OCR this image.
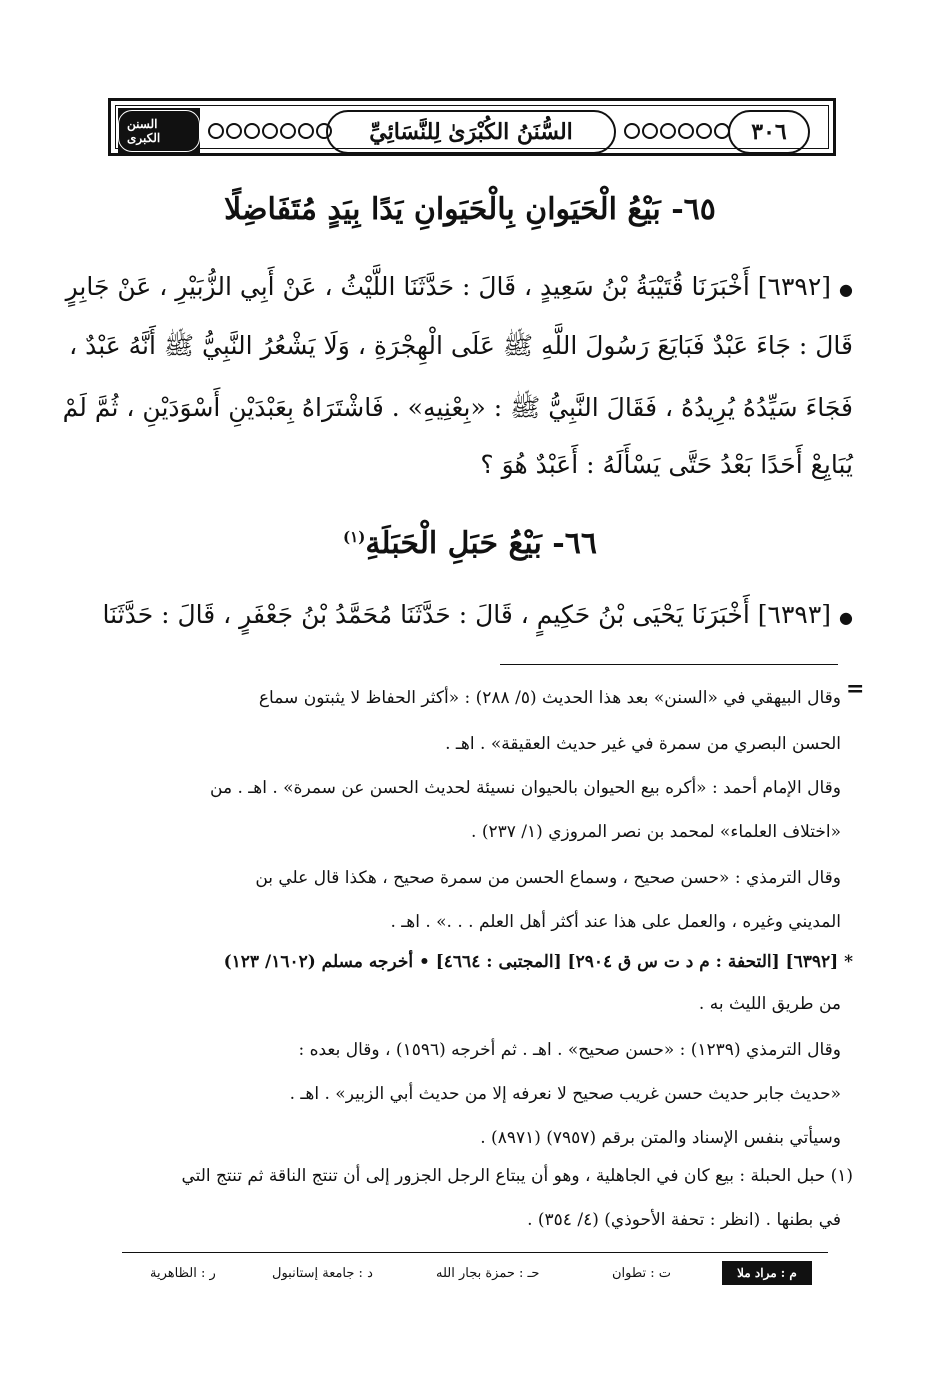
السنن الكبرى	السُّنَنُ الكُبْرَىٰ لِلنَّسَائِيِّ	٣٠٦
٦٥- بَيْعُ الْحَيَوانِ بِالْحَيَوانِ يَدًا بِيَدٍ مُتَفَاضِلًا
●[٦٣٩٢] أَخْبَرَنَا قُتَيْبَةُ بْنُ سَعِيدٍ ، قَالَ : حَدَّثَنَا اللَّيْثُ ، عَنْ أَبِي الزُّبَيْرِ ، عَنْ جَابِرٍ
قَالَ : جَاءَ عَبْدٌ فَبَايَعَ رَسُولَ اللَّهِ ﷺ عَلَى الْهِجْرَةِ ، وَلَا يَشْعُرُ النَّبِيُّ ﷺ أَنَّهُ عَبْدٌ ،
فَجَاءَ سَيِّدُهُ يُرِيدُهُ ، فَقَالَ النَّبِيُّ ﷺ : «بِعْنِيهِ» . فَاشْتَرَاهُ بِعَبْدَيْنِ أَسْوَدَيْنِ ، ثُمَّ لَمْ
يُبَايِعْ أَحَدًا بَعْدُ حَتَّى يَسْأَلَهُ : أَعَبْدٌ هُوَ ؟
٦٦- بَيْعُ حَبَلِ الْحَبَلَةِ$^{(١)}$
●[٦٣٩٣] أَخْبَرَنَا يَحْيَى بْنُ حَكِيمٍ ، قَالَ : حَدَّثَنَا مُحَمَّدُ بْنُ جَعْفَرٍ ، قَالَ : حَدَّثَنَا
=
وقال البيهقي في «السنن» بعد هذا الحديث (٥/ ٢٨٨) : «أكثر الحفاظ لا يثبتون سماع
الحسن البصري من سمرة في غير حديث العقيقة» . اهـ .
وقال الإمام أحمد : «أكره بيع الحيوان بالحيوان نسيئة لحديث الحسن عن سمرة» . اهـ . من
«اختلاف العلماء» لمحمد بن نصر المروزي (١/ ٢٣٧) .
وقال الترمذي : «حسن صحيح ، وسماع الحسن من سمرة صحيح ، هكذا قال علي بن
المديني وغيره ، والعمل على هذا عند أكثر أهل العلم . . .» . اهـ .
* [٦٣٩٢] [التحفة : م د ت س ق ٢٩٠٤] [المجتبى : ٤٦٦٤] • أخرجه مسلم (١٦٠٢/ ١٢٣)
من طريق الليث به .
وقال الترمذي (١٢٣٩) : «حسن صحيح» . اهـ . ثم أخرجه (١٥٩٦) ، وقال بعده :
«حديث جابر حديث حسن غريب صحيح لا نعرفه إلا من حديث أبي الزبير» . اهـ .
وسيأتي بنفس الإسناد والمتن برقم (٧٩٥٧) (٨٩٧١) .
(١) حبل الحبلة : بيع كان في الجاهلية ، وهو أن يبتاع الرجل الجزور إلى أن تنتج الناقة ثم تنتج التي
في بطنها . (انظر : تحفة الأحوذي) (٤/ ٣٥٤) .
م : مراد ملا
ت : تطوان
حـ : حمزة بجار الله
د : جامعة إستانبول
ر : الظاهرية
